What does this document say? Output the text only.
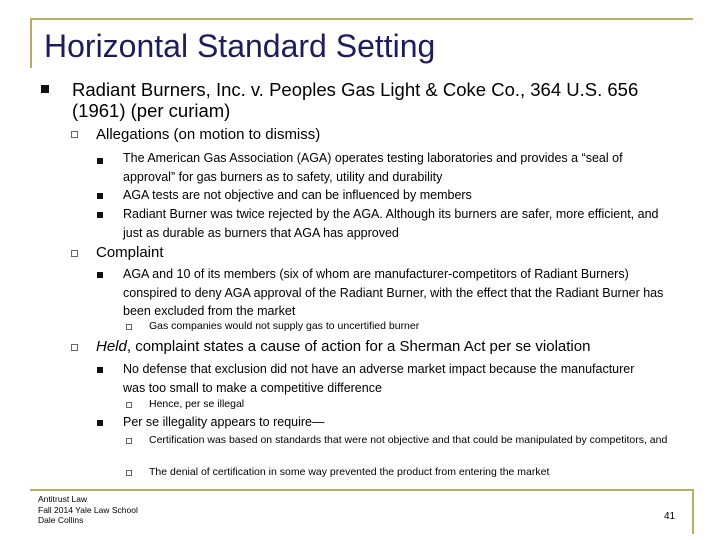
Horizontal Standard Setting
Radiant Burners, Inc. v. Peoples Gas Light & Coke Co., 364 U.S. 656 (1961) (per curiam)
Allegations (on motion to dismiss)
The American Gas Association (AGA) operates testing laboratories and provides a “seal of approval” for gas burners as to safety, utility and durability
AGA tests are not objective and can be influenced by members
Radiant Burner was twice rejected by the AGA. Although its burners are safer, more efficient, and just as durable as burners that AGA has approved
Complaint
AGA and 10 of its members (six of whom are manufacturer-competitors of Radiant Burners) conspired to deny AGA approval of the Radiant Burner, with the effect that the Radiant Burner has been excluded from the market
Gas companies would not supply gas to uncertified burner
Held, complaint states a cause of action for a Sherman Act per se violation
No defense that exclusion did not have an adverse market impact because the manufacturer was too small to make a competitive difference
Hence, per se illegal
Per se illegality appears to require—
Certification was based on standards that were not objective and that could be manipulated by competitors, and
The denial of certification in some way prevented the product from entering the market
Antitrust Law
Fall 2014 Yale Law School
Dale Collins	41
